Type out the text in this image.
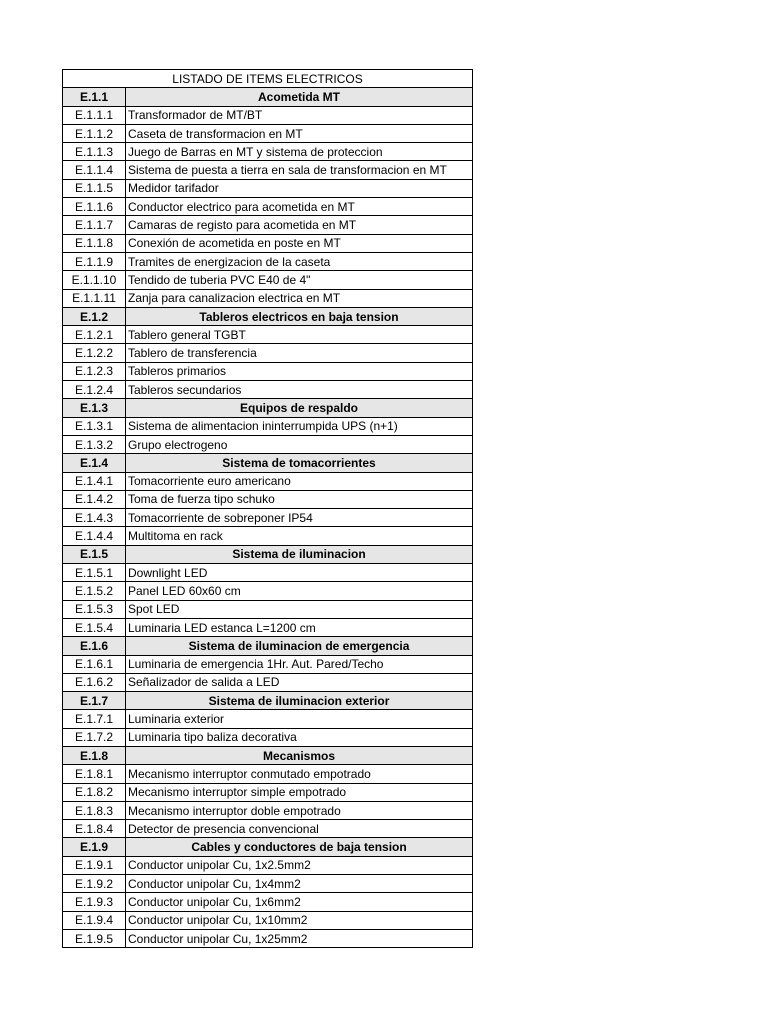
LISTADO DE ITEMS ELECTRICOS	
E.1.1	Acometida MT
E.1.1.1	Transformador de MT/BT
E.1.1.2	Caseta de transformacion en MT
E.1.1.3	Juego de Barras en MT y sistema de proteccion
E.1.1.4	Sistema de puesta a tierra en sala de transformacion en MT
E.1.1.5	Medidor tarifador
E.1.1.6	Conductor electrico para acometida en MT
E.1.1.7	Camaras de registo para acometida en MT
E.1.1.8	Conexión de acometida en poste en MT
E.1.1.9	Tramites de energizacion de la caseta
E.1.1.10	Tendido de tuberia PVC E40 de 4"
E.1.1.11	Zanja para canalizacion electrica en MT
E.1.2	Tableros electricos en baja tension
E.1.2.1	Tablero general TGBT
E.1.2.2	Tablero de transferencia
E.1.2.3	Tableros primarios
E.1.2.4	Tableros secundarios
E.1.3	Equipos de respaldo
E.1.3.1	Sistema de alimentacion ininterrumpida UPS (n+1)
E.1.3.2	Grupo electrogeno
E.1.4	Sistema de tomacorrientes
E.1.4.1	Tomacorriente euro americano
E.1.4.2	Toma de fuerza tipo schuko
E.1.4.3	Tomacorriente de sobreponer IP54
E.1.4.4	Multitoma en rack
E.1.5	Sistema de iluminacion
E.1.5.1	Downlight LED
E.1.5.2	Panel LED 60x60 cm
E.1.5.3	Spot LED
E.1.5.4	Luminaria LED estanca L=1200 cm
E.1.6	Sistema de iluminacion de emergencia
E.1.6.1	Luminaria de emergencia 1Hr. Aut. Pared/Techo
E.1.6.2	Señalizador de salida a LED
E.1.7	Sistema de iluminacion exterior
E.1.7.1	Luminaria exterior
E.1.7.2	Luminaria tipo baliza decorativa
E.1.8	Mecanismos
E.1.8.1	Mecanismo interruptor conmutado empotrado
E.1.8.2	Mecanismo interruptor simple empotrado
E.1.8.3	Mecanismo interruptor doble empotrado
E.1.8.4	Detector de presencia convencional
E.1.9	Cables y conductores de baja tension
E.1.9.1	Conductor unipolar Cu, 1x2.5mm2
E.1.9.2	Conductor unipolar Cu, 1x4mm2
E.1.9.3	Conductor unipolar Cu, 1x6mm2
E.1.9.4	Conductor unipolar Cu, 1x10mm2
E.1.9.5	Conductor unipolar Cu, 1x25mm2
